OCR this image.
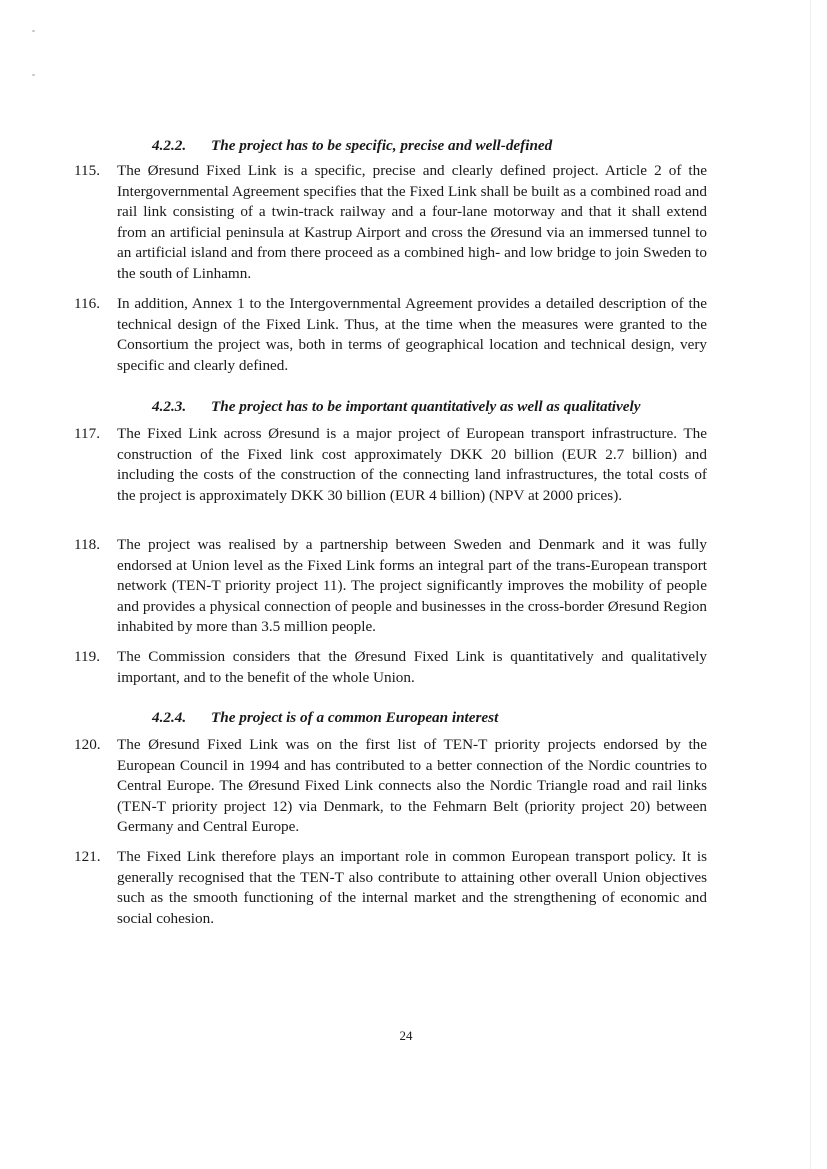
4.2.2. The project has to be specific, precise and well-defined
115. The Øresund Fixed Link is a specific, precise and clearly defined project. Article 2 of the Intergovernmental Agreement specifies that the Fixed Link shall be built as a combined road and rail link consisting of a twin-track railway and a four-lane motorway and that it shall extend from an artificial peninsula at Kastrup Airport and cross the Øresund via an immersed tunnel to an artificial island and from there proceed as a combined high- and low bridge to join Sweden to the south of Linhamn.
116. In addition, Annex 1 to the Intergovernmental Agreement provides a detailed description of the technical design of the Fixed Link. Thus, at the time when the measures were granted to the Consortium the project was, both in terms of geographical location and technical design, very specific and clearly defined.
4.2.3. The project has to be important quantitatively as well as qualitatively
117. The Fixed Link across Øresund is a major project of European transport infrastructure. The construction of the Fixed link cost approximately DKK 20 billion (EUR 2.7 billion) and including the costs of the construction of the connecting land infrastructures, the total costs of the project is approximately DKK 30 billion (EUR 4 billion) (NPV at 2000 prices).
118. The project was realised by a partnership between Sweden and Denmark and it was fully endorsed at Union level as the Fixed Link forms an integral part of the trans-European transport network (TEN-T priority project 11). The project significantly improves the mobility of people and provides a physical connection of people and businesses in the cross-border Øresund Region inhabited by more than 3.5 million people.
119. The Commission considers that the Øresund Fixed Link is quantitatively and qualitatively important, and to the benefit of the whole Union.
4.2.4. The project is of a common European interest
120. The Øresund Fixed Link was on the first list of TEN-T priority projects endorsed by the European Council in 1994 and has contributed to a better connection of the Nordic countries to Central Europe. The Øresund Fixed Link connects also the Nordic Triangle road and rail links (TEN-T priority project 12) via Denmark, to the Fehmarn Belt (priority project 20) between Germany and Central Europe.
121. The Fixed Link therefore plays an important role in common European transport policy. It is generally recognised that the TEN-T also contribute to attaining other overall Union objectives such as the smooth functioning of the internal market and the strengthening of economic and social cohesion.
24
